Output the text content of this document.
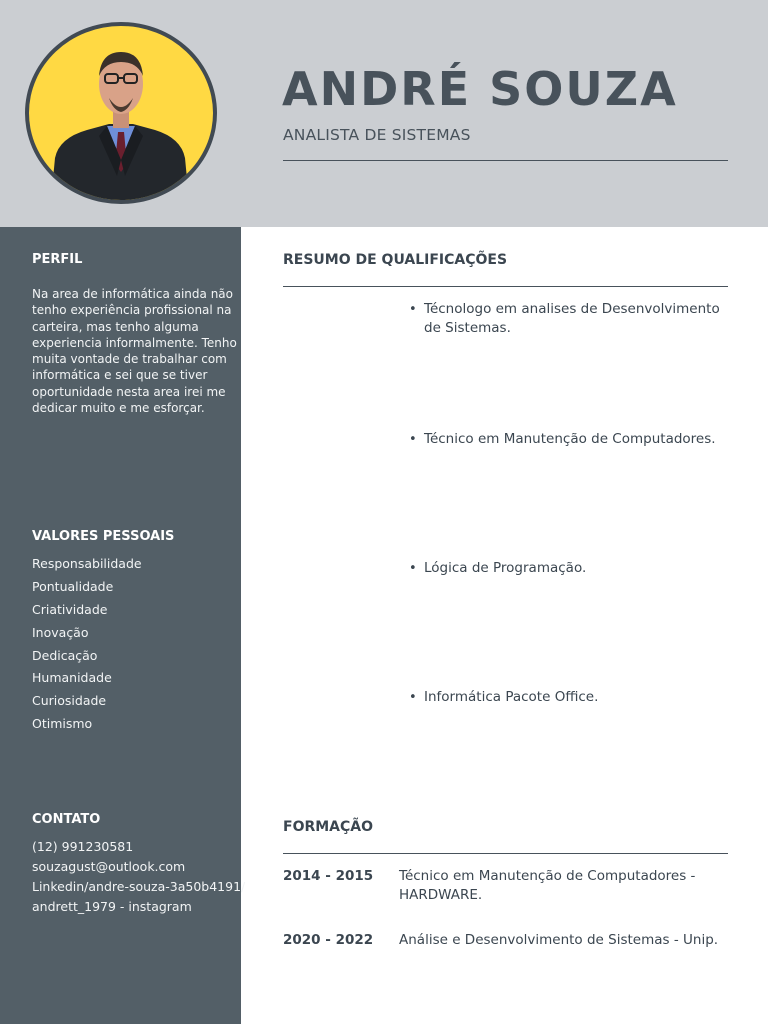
ANDRÉ SOUZA
ANALISTA DE SISTEMAS
PERFIL
Na area de informática ainda não tenho experiência profissional na carteira, mas tenho alguma experiencia informalmente. Tenho muita vontade de trabalhar com informática e sei que se tiver oportunidade nesta area irei me dedicar muito e me esforçar.
VALORES PESSOAIS
Responsabilidade
Pontualidade
Criatividade
Inovação
Dedicação
Humanidade
Curiosidade
Otimismo
CONTATO
(12) 991230581
souzagust@outlook.com
Linkedin/andre-souza-3a50b4191/
andrett_1979 - instagram
RESUMO DE QUALIFICAÇÕES
• Técnologo em analises de Desenvolvimento de Sistemas.
• Técnico em Manutenção de Computadores.
• Lógica de Programação.
• Informática Pacote Office.
FORMAÇÃO
2014 - 2015 Técnico em Manutenção de Computadores - HARDWARE.
2020 - 2022 Análise e Desenvolvimento de Sistemas - Unip.
